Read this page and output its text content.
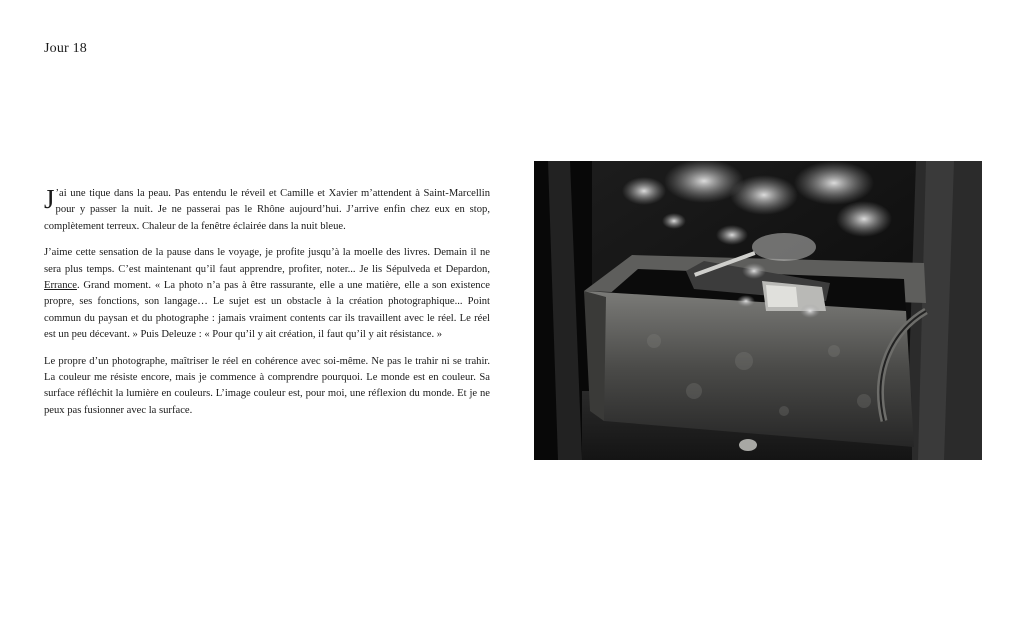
Jour 18

J ’ai une tique dans la peau. Pas entendu le réveil et Camille et Xavier m’attendent à Saint-Marcellin pour y passer la nuit. Je ne passerai pas le Rhône aujourd’hui. J’arrive enfin chez eux en stop, complètement terreux. Chaleur de la fenêtre éclairée dans la nuit bleue.

J’aime cette sensation de la pause dans le voyage, je profite jusqu’à la moelle des livres. Demain il ne sera plus temps. C’est maintenant qu’il faut apprendre, profiter, noter... Je lis Sépulveda et Depardon, Errance. Grand moment. « La photo n’a pas à être rassurante, elle a une matière, elle a son existence propre, ses fonctions, son langage… Le sujet est un obstacle à la création photographique... Point commun du paysan et du photographe : jamais vraiment contents car ils travaillent avec le réel. Le réel est un peu décevant. » Puis Deleuze : « Pour qu’il y ait création, il faut qu’il y ait résistance. »

Le propre d’un photographe, maîtriser le réel en cohérence avec soi-même. Ne pas le trahir ni se trahir. La couleur me résiste encore, mais je commence à comprendre pourquoi. Le monde est en couleur. Sa surface réfléchit la lumière en couleurs. L’image couleur est, pour moi, une réflexion du monde. Et je ne peux pas fusionner avec la surface.
